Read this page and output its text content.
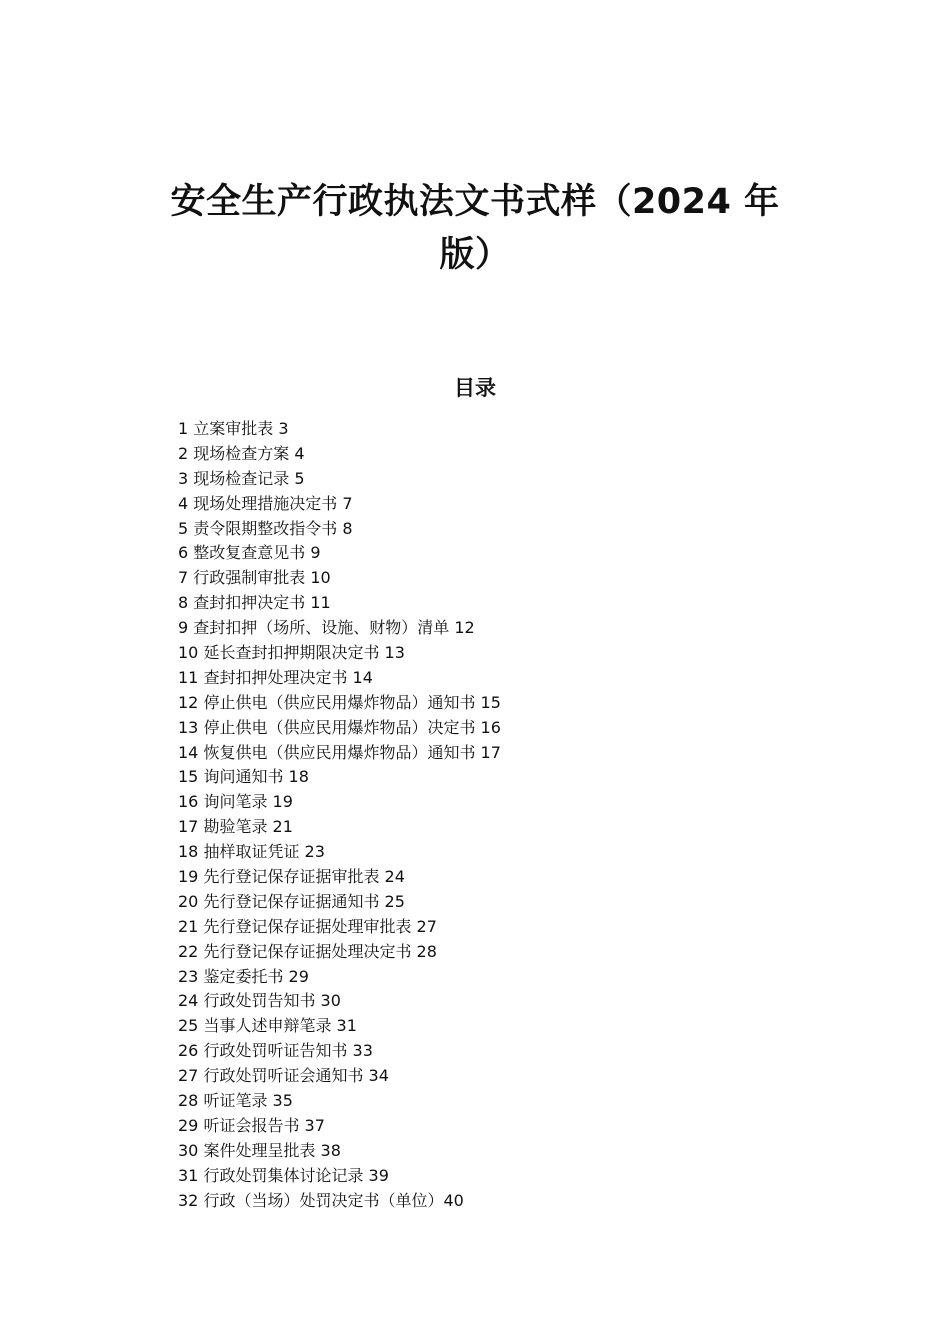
安全生产行政执法文书式样（2024 年版）
目录
1 立案审批表 3
2 现场检查方案 4
3 现场检查记录 5
4 现场处理措施决定书 7
5 责令限期整改指令书 8
6 整改复查意见书 9
7 行政强制审批表 10
8 查封扣押决定书 11
9 查封扣押（场所、设施、财物）清单 12
10 延长查封扣押期限决定书 13
11 查封扣押处理决定书 14
12 停止供电（供应民用爆炸物品）通知书 15
13 停止供电（供应民用爆炸物品）决定书 16
14 恢复供电（供应民用爆炸物品）通知书 17
15 询问通知书 18
16 询问笔录 19
17 勘验笔录 21
18 抽样取证凭证 23
19 先行登记保存证据审批表 24
20 先行登记保存证据通知书 25
21 先行登记保存证据处理审批表 27
22 先行登记保存证据处理决定书 28
23 鉴定委托书 29
24 行政处罚告知书 30
25 当事人述申辩笔录 31
26 行政处罚听证告知书 33
27 行政处罚听证会通知书 34
28 听证笔录 35
29 听证会报告书 37
30 案件处理呈批表 38
31 行政处罚集体讨论记录 39
32 行政（当场）处罚决定书（单位）40
